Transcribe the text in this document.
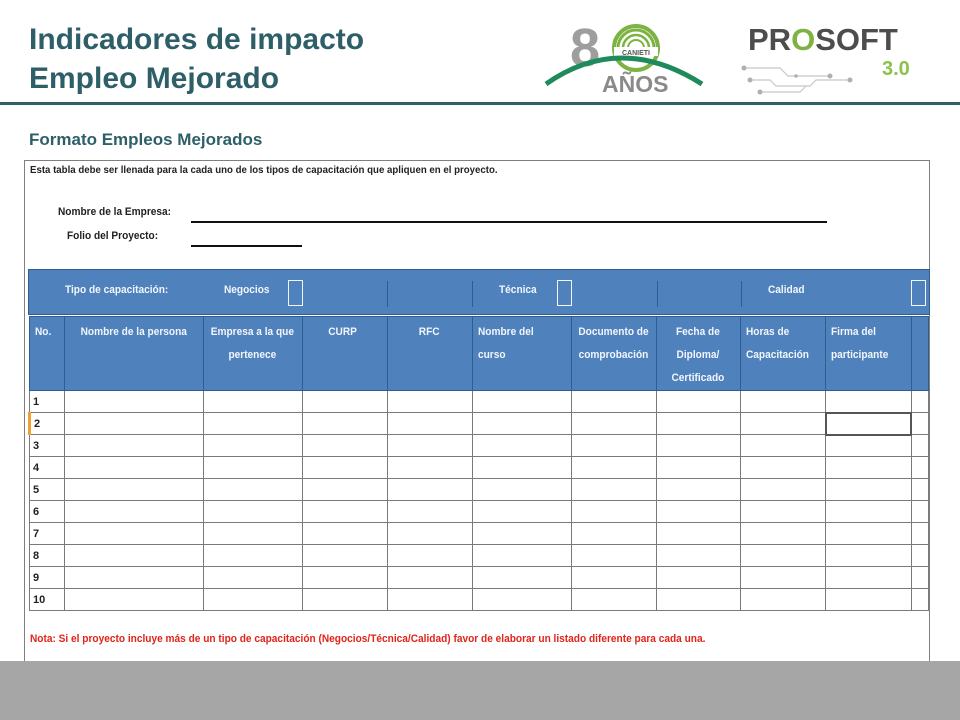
Indicadores de impacto
Empleo Mejorado
8	CANIETI
AÑOS
PROSOFT
3.0
Formato Empleos Mejorados
Esta tabla debe ser llenada para la cada uno de los tipos de capacitación que apliquen en el proyecto.
Nombre de la Empresa:
Folio del Proyecto:
Tipo de capacitación:	Negocios	Técnica	Calidad
No.	Nombre de la persona	Empresa a la que pertenece	CURP	RFC	Nombre del curso	Documento de comprobación	Fecha de Diploma/ Certificado	Horas de Capacitación	Firma del participante	
1										
2										
3										
4										
5										
6										
7										
8										
9										
10										
Nota: Si el proyecto incluye más de un tipo de capacitación (Negocios/Técnica/Calidad) favor de elaborar un listado diferente para cada una.
